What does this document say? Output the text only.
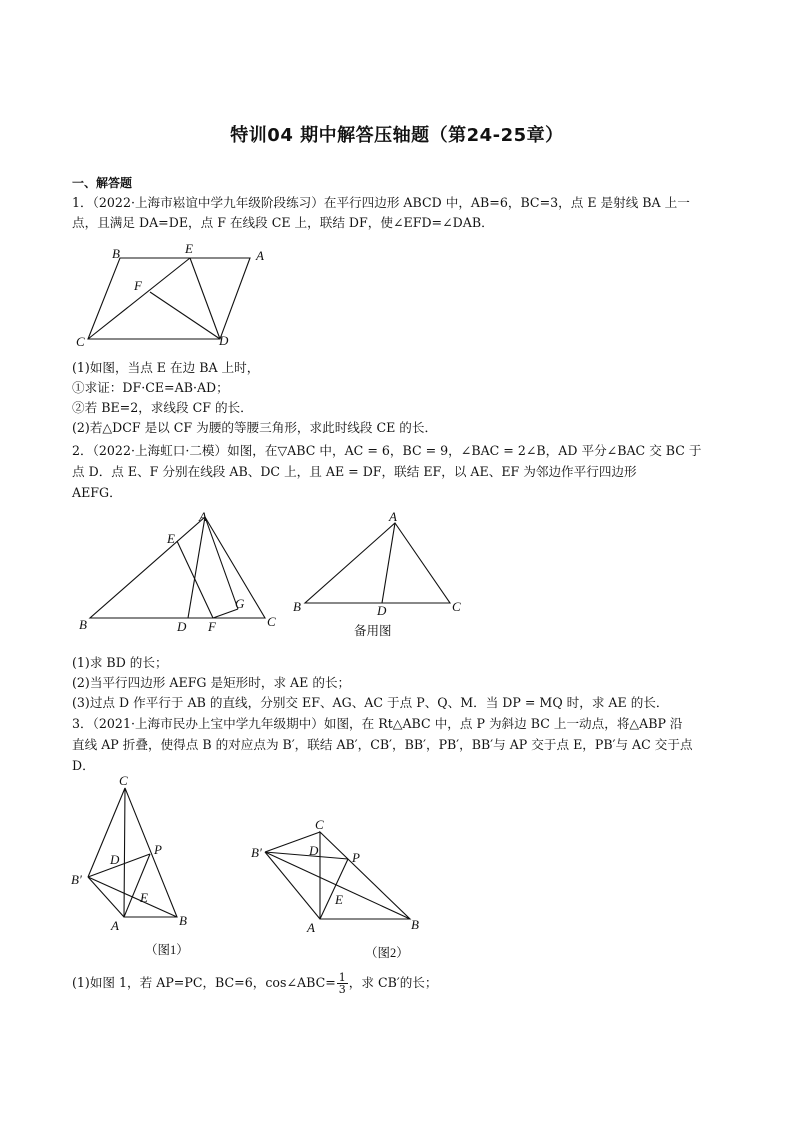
特训04 期中解答压轴题（第24-25章）
一、解答题
1．（2022·上海市崧谊中学九年级阶段练习）在平行四边形 ABCD 中，AB=6，BC=3，点 E 是射线 BA 上一
点，且满足 DA=DE，点 F 在线段 CE 上，联结 DF，使∠EFD=∠DAB．
B	E	A
F
C	D
(1)如图，当点 E 在边 BA 上时，
①求证：DF·CE=AB·AD；
②若 BE=2，求线段 CF 的长．
(2)若△DCF 是以 CF 为腰的等腰三角形，求此时线段 CE 的长．
2．（2022·上海虹口·二模）如图，在▽ABC 中，AC = 6，BC = 9，∠BAC = 2∠B，AD 平分∠BAC 交 BC 于
点 D．点 E、F 分别在线段 AB、DC 上，且 AE = DF，联结 EF，以 AE、EF 为邻边作平行四边形
AEFG．
A
E
G
B	D F	C
A
B	D	C
备用图
(1)求 BD 的长；
(2)当平行四边形 AEFG 是矩形时，求 AE 的长；
(3)过点 D 作平行于 AB 的直线，分别交 EF、AG、AC 于点 P、Q、M．当 DP = MQ 时，求 AE 的长．
3．（2021·上海市民办上宝中学九年级期中）如图，在 Rt△ABC 中，点 P 为斜边 BC 上一动点，将△ABP 沿
直线 AP 折叠，使得点 B 的对应点为 B′，联结 AB′，CB′，BB′，PB′，BB′与 AP 交于点 E，PB′与 AC 交于点
D．
C
P
D
B′
E
A	B
（图1）
C
B′	D	P
E
A	B
（图2）
(1)如图 1，若 AP=PC，BC=6，cos∠ABC= $\frac{1}{3}$ ，求 CB′的长；
